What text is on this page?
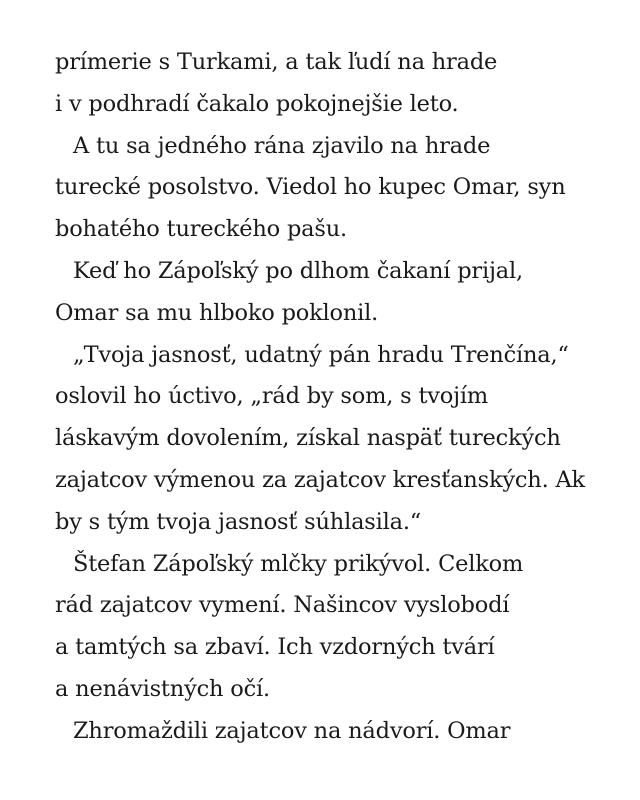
prímerie s Turkami, a tak ľudí na hrade
i v podhradí čakalo pokojnejšie leto.
A tu sa jedného rána zjavilo na hrade
turecké posolstvo. Viedol ho kupec Omar, syn
bohatého tureckého pašu.
Keď ho Zápoľský po dlhom čakaní prijal,
Omar sa mu hlboko poklonil.
„Tvoja jasnosť, udatný pán hradu Trenčína,“
oslovil ho úctivo, „rád by som, s tvojím
láskavým dovolením, získal naspäť tureckých
zajatcov výmenou za zajatcov kresťanských. Ak
by s tým tvoja jasnosť súhlasila.“
Štefan Zápoľský mlčky prikývol. Celkom
rád zajatcov vymení. Našincov vyslobodí
a tamtých sa zbaví. Ich vzdorných tvárí
a nenávistných očí.
Zhromaždili zajatcov na nádvorí. Omar
